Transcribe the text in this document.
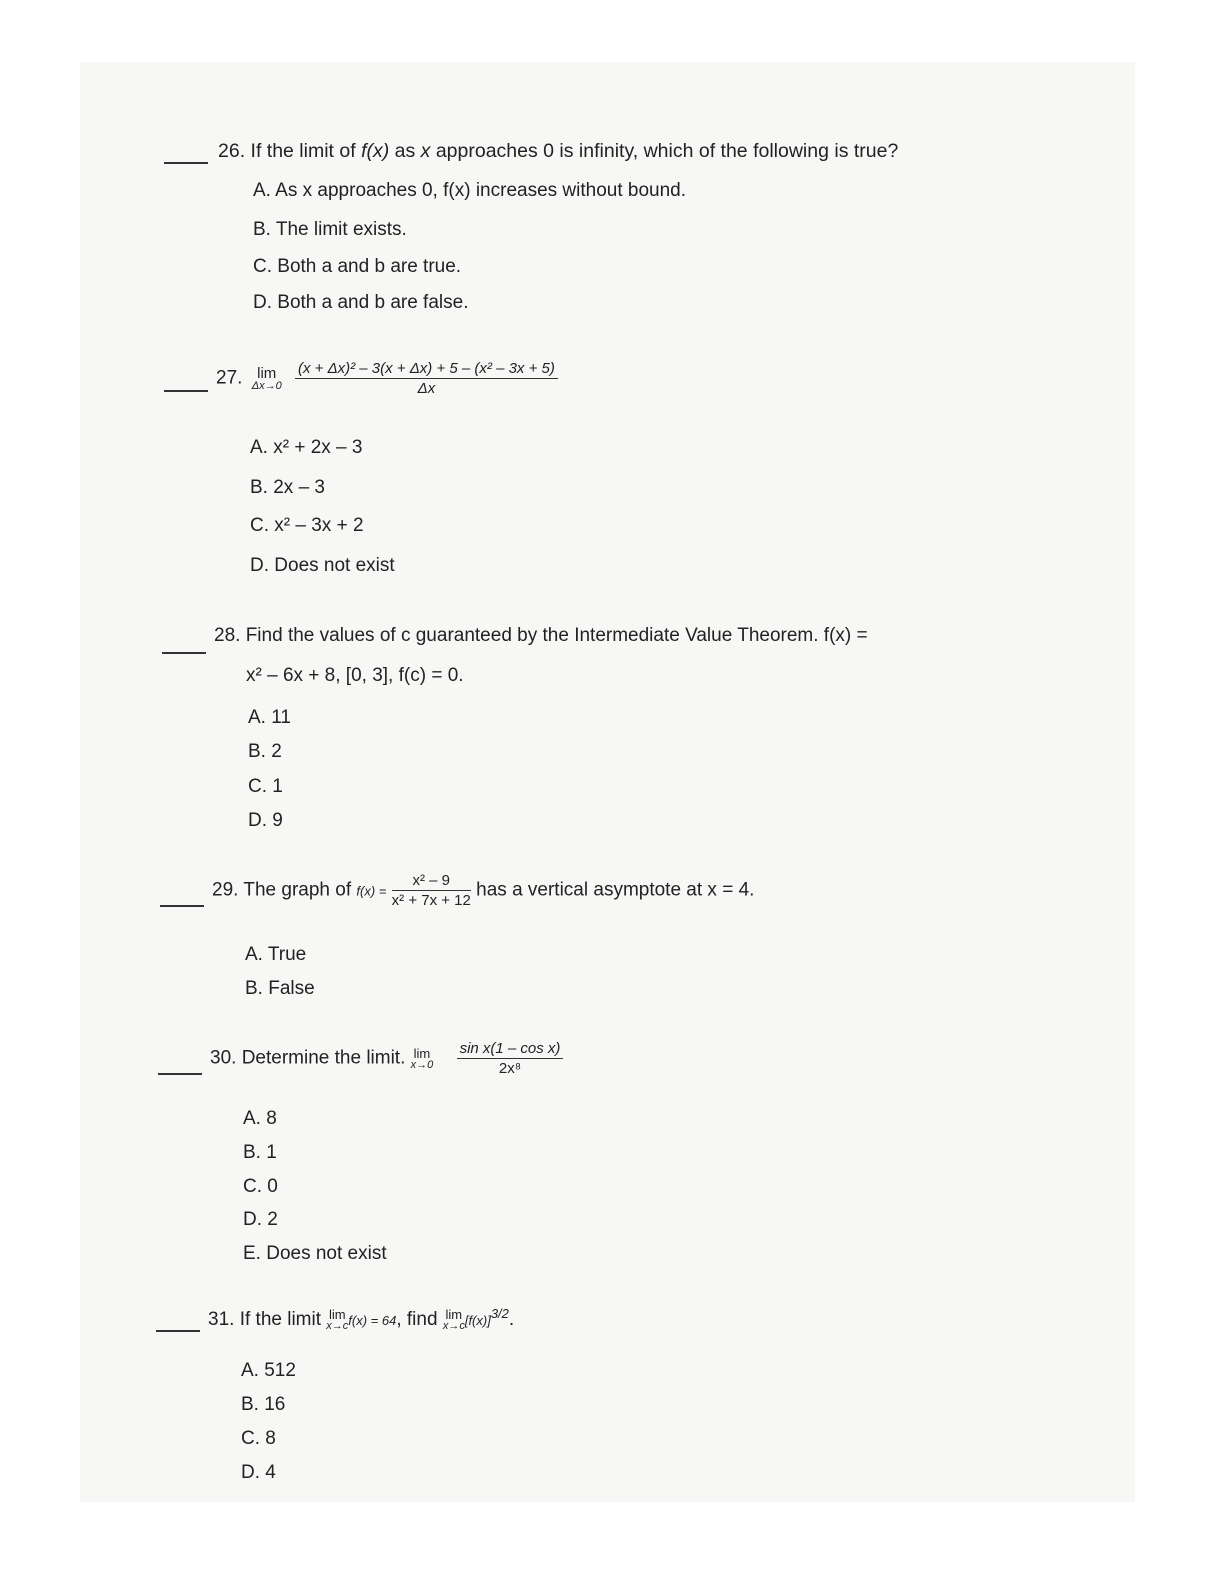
26. If the limit of f(x) as x approaches 0 is infinity, which of the following is true?
A. As x approaches 0, f(x) increases without bound.
B. The limit exists.
C. Both a and b are true.
D. Both a and b are false.
27. lim
Δx→0
$\frac{\text{(x + Δx)² – 3(x + Δx) + 5 – (x² – 3x + 5)}}{\Delta x}$
A. x² + 2x – 3
B. 2x – 3
C. x² – 3x + 2
D. Does not exist
28. Find the values of c guaranteed by the Intermediate Value Theorem. f(x) =
x² – 6x + 8, [0, 3], f(c) = 0.
A. 11
B. 2
C. 1
D. 9
29. The graph of $f(x) = \frac{\text{x² – 9}}{\text{x² + 7x + 12}}$ has a vertical asymptote at x = 4.
A. True
B. False
30. Determine the limit. lim
x→0
$\frac{\text{sin x(1 – cos x)}}{\text{2x⁸}}$
A. 8
B. 1
C. 0
D. 2
E. Does not exist
31. If the limit lim
x→c f(x) = 64, find lim
x→c $[f(x)]^{3/2}$.
A. 512
B. 16
C. 8
D. 4
